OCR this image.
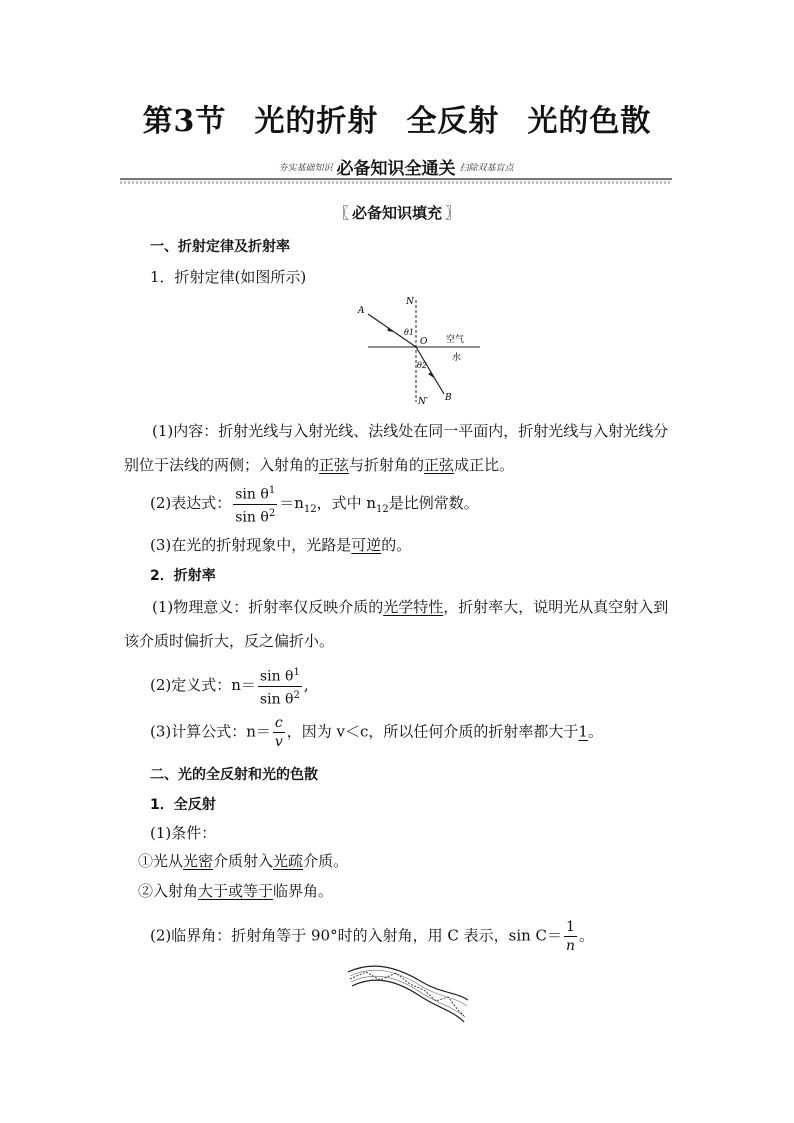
第3节 光的折射 全反射 光的色散
夯实基础知识 必备知识全通关 扫除双基盲点
〖 必备知识填充 〗
一、折射定律及折射率
1．折射定律(如图所示)
A
N
θ1
O 空气
水
θ2
B
N′
(1)内容：折射光线与入射光线、法线处在同一平面内，折射光线与入射光线分别位于法线的两侧；入射角的正弦与折射角的正弦成正比。
(2)表达式： $\frac{\sin \theta^1}{\sin \theta^2} =n_{12}$，式中 $n_{12}$是比例常数。
(3)在光的折射现象中，光路是可逆的。
2．折射率
(1)物理意义：折射率仅反映介质的光学特性，折射率大，说明光从真空射入到该介质时偏折大，反之偏折小。
(2)定义式：$n= \frac{\sin \theta^1}{\sin \theta^2}$ ,
(3)计算公式：$n= \frac{c}{v}$ ，因为 v＜c，所以任何介质的折射率都大于1。
二、光的全反射和光的色散
1．全反射
(1)条件：
①光从光密介质射入光疏介质。
②入射角大于或等于临界角。
(2)临界角：折射角等于 90°时的入射角，用 C 表示，$\sin C= \frac{1}{n}$ 。
